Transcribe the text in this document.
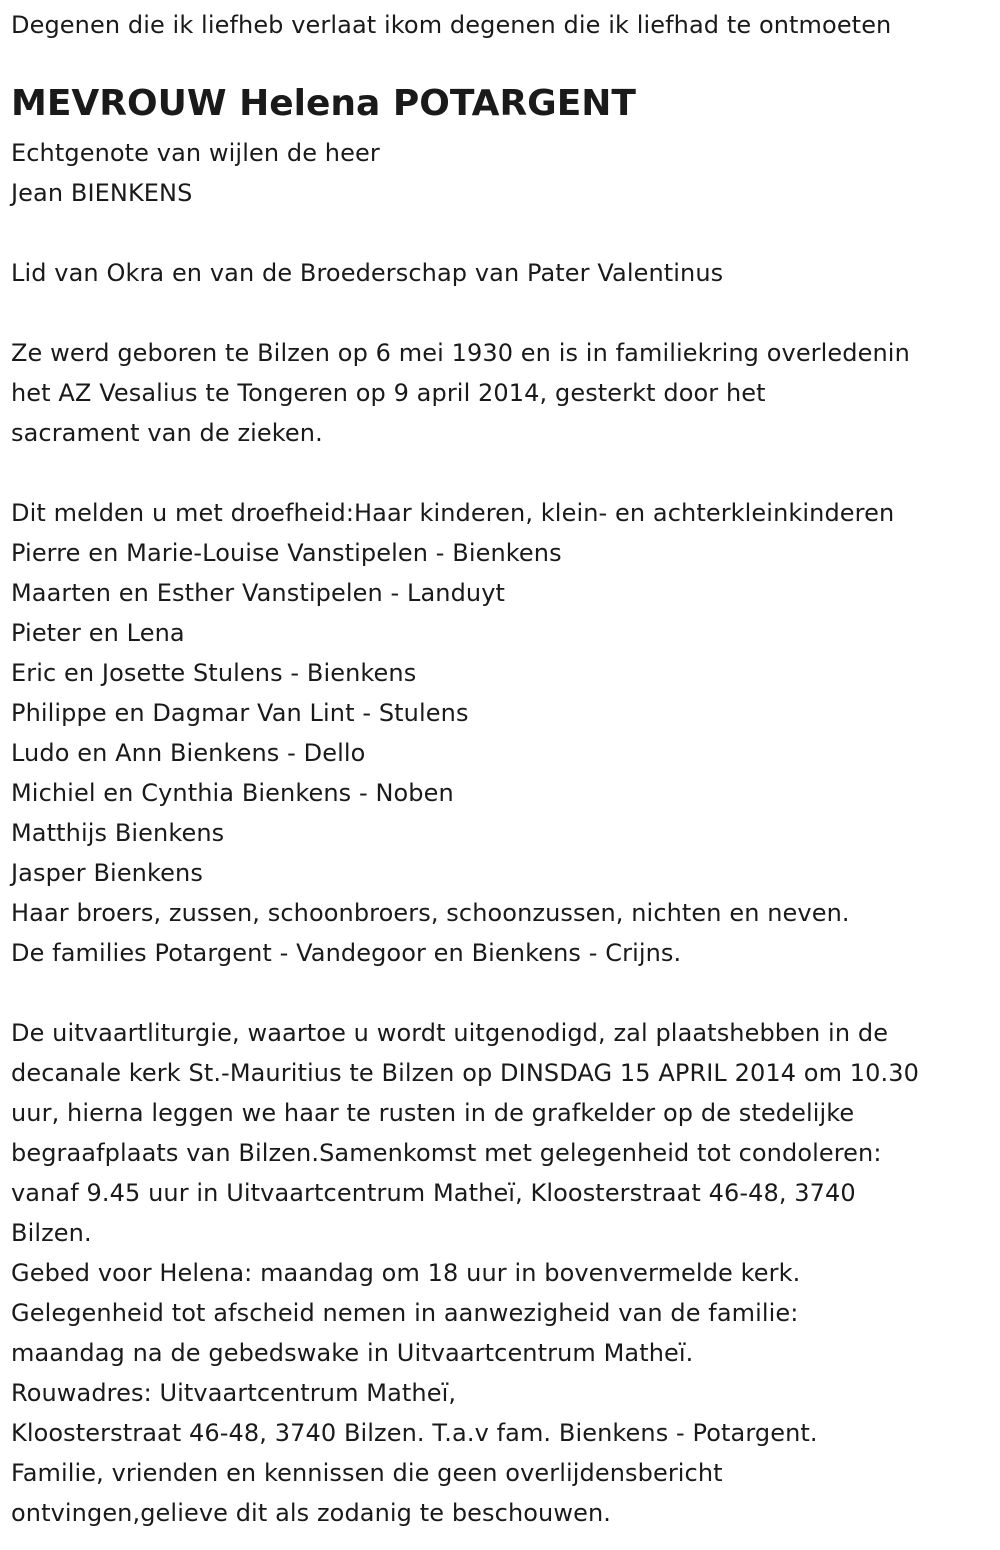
Degenen die ik liefheb verlaat ikom degenen die ik liefhad te ontmoeten
MEVROUW Helena POTARGENT
Echtgenote van wijlen de heer
Jean BIENKENS
Lid van Okra en van de Broederschap van Pater Valentinus
Ze werd geboren te Bilzen op 6 mei 1930 en is in familiekring overledenin
het AZ Vesalius te Tongeren op 9 april 2014, gesterkt door het
sacrament van de zieken.
Dit melden u met droefheid:Haar kinderen, klein- en achterkleinkinderen
Pierre en Marie-Louise Vanstipelen - Bienkens
Maarten en Esther Vanstipelen - Landuyt
Pieter en Lena
Eric en Josette Stulens - Bienkens
Philippe en Dagmar Van Lint - Stulens
Ludo en Ann Bienkens - Dello
Michiel en Cynthia Bienkens - Noben
Matthijs Bienkens
Jasper Bienkens
Haar broers, zussen, schoonbroers, schoonzussen, nichten en neven.
De families Potargent - Vandegoor en Bienkens - Crijns.
De uitvaartliturgie, waartoe u wordt uitgenodigd, zal plaatshebben in de
decanale kerk St.-Mauritius te Bilzen op DINSDAG 15 APRIL 2014 om 10.30
uur, hierna leggen we haar te rusten in de grafkelder op de stedelijke
begraafplaats van Bilzen.Samenkomst met gelegenheid tot condoleren:
vanaf 9.45 uur in Uitvaartcentrum Matheï, Kloosterstraat 46-48, 3740
Bilzen.
Gebed voor Helena: maandag om 18 uur in bovenvermelde kerk.
Gelegenheid tot afscheid nemen in aanwezigheid van de familie:
maandag na de gebedswake in Uitvaartcentrum Matheï.
Rouwadres: Uitvaartcentrum Matheï,
Kloosterstraat 46-48, 3740 Bilzen. T.a.v fam. Bienkens - Potargent.
Familie, vrienden en kennissen die geen overlijdensbericht
ontvingen,gelieve dit als zodanig te beschouwen.
